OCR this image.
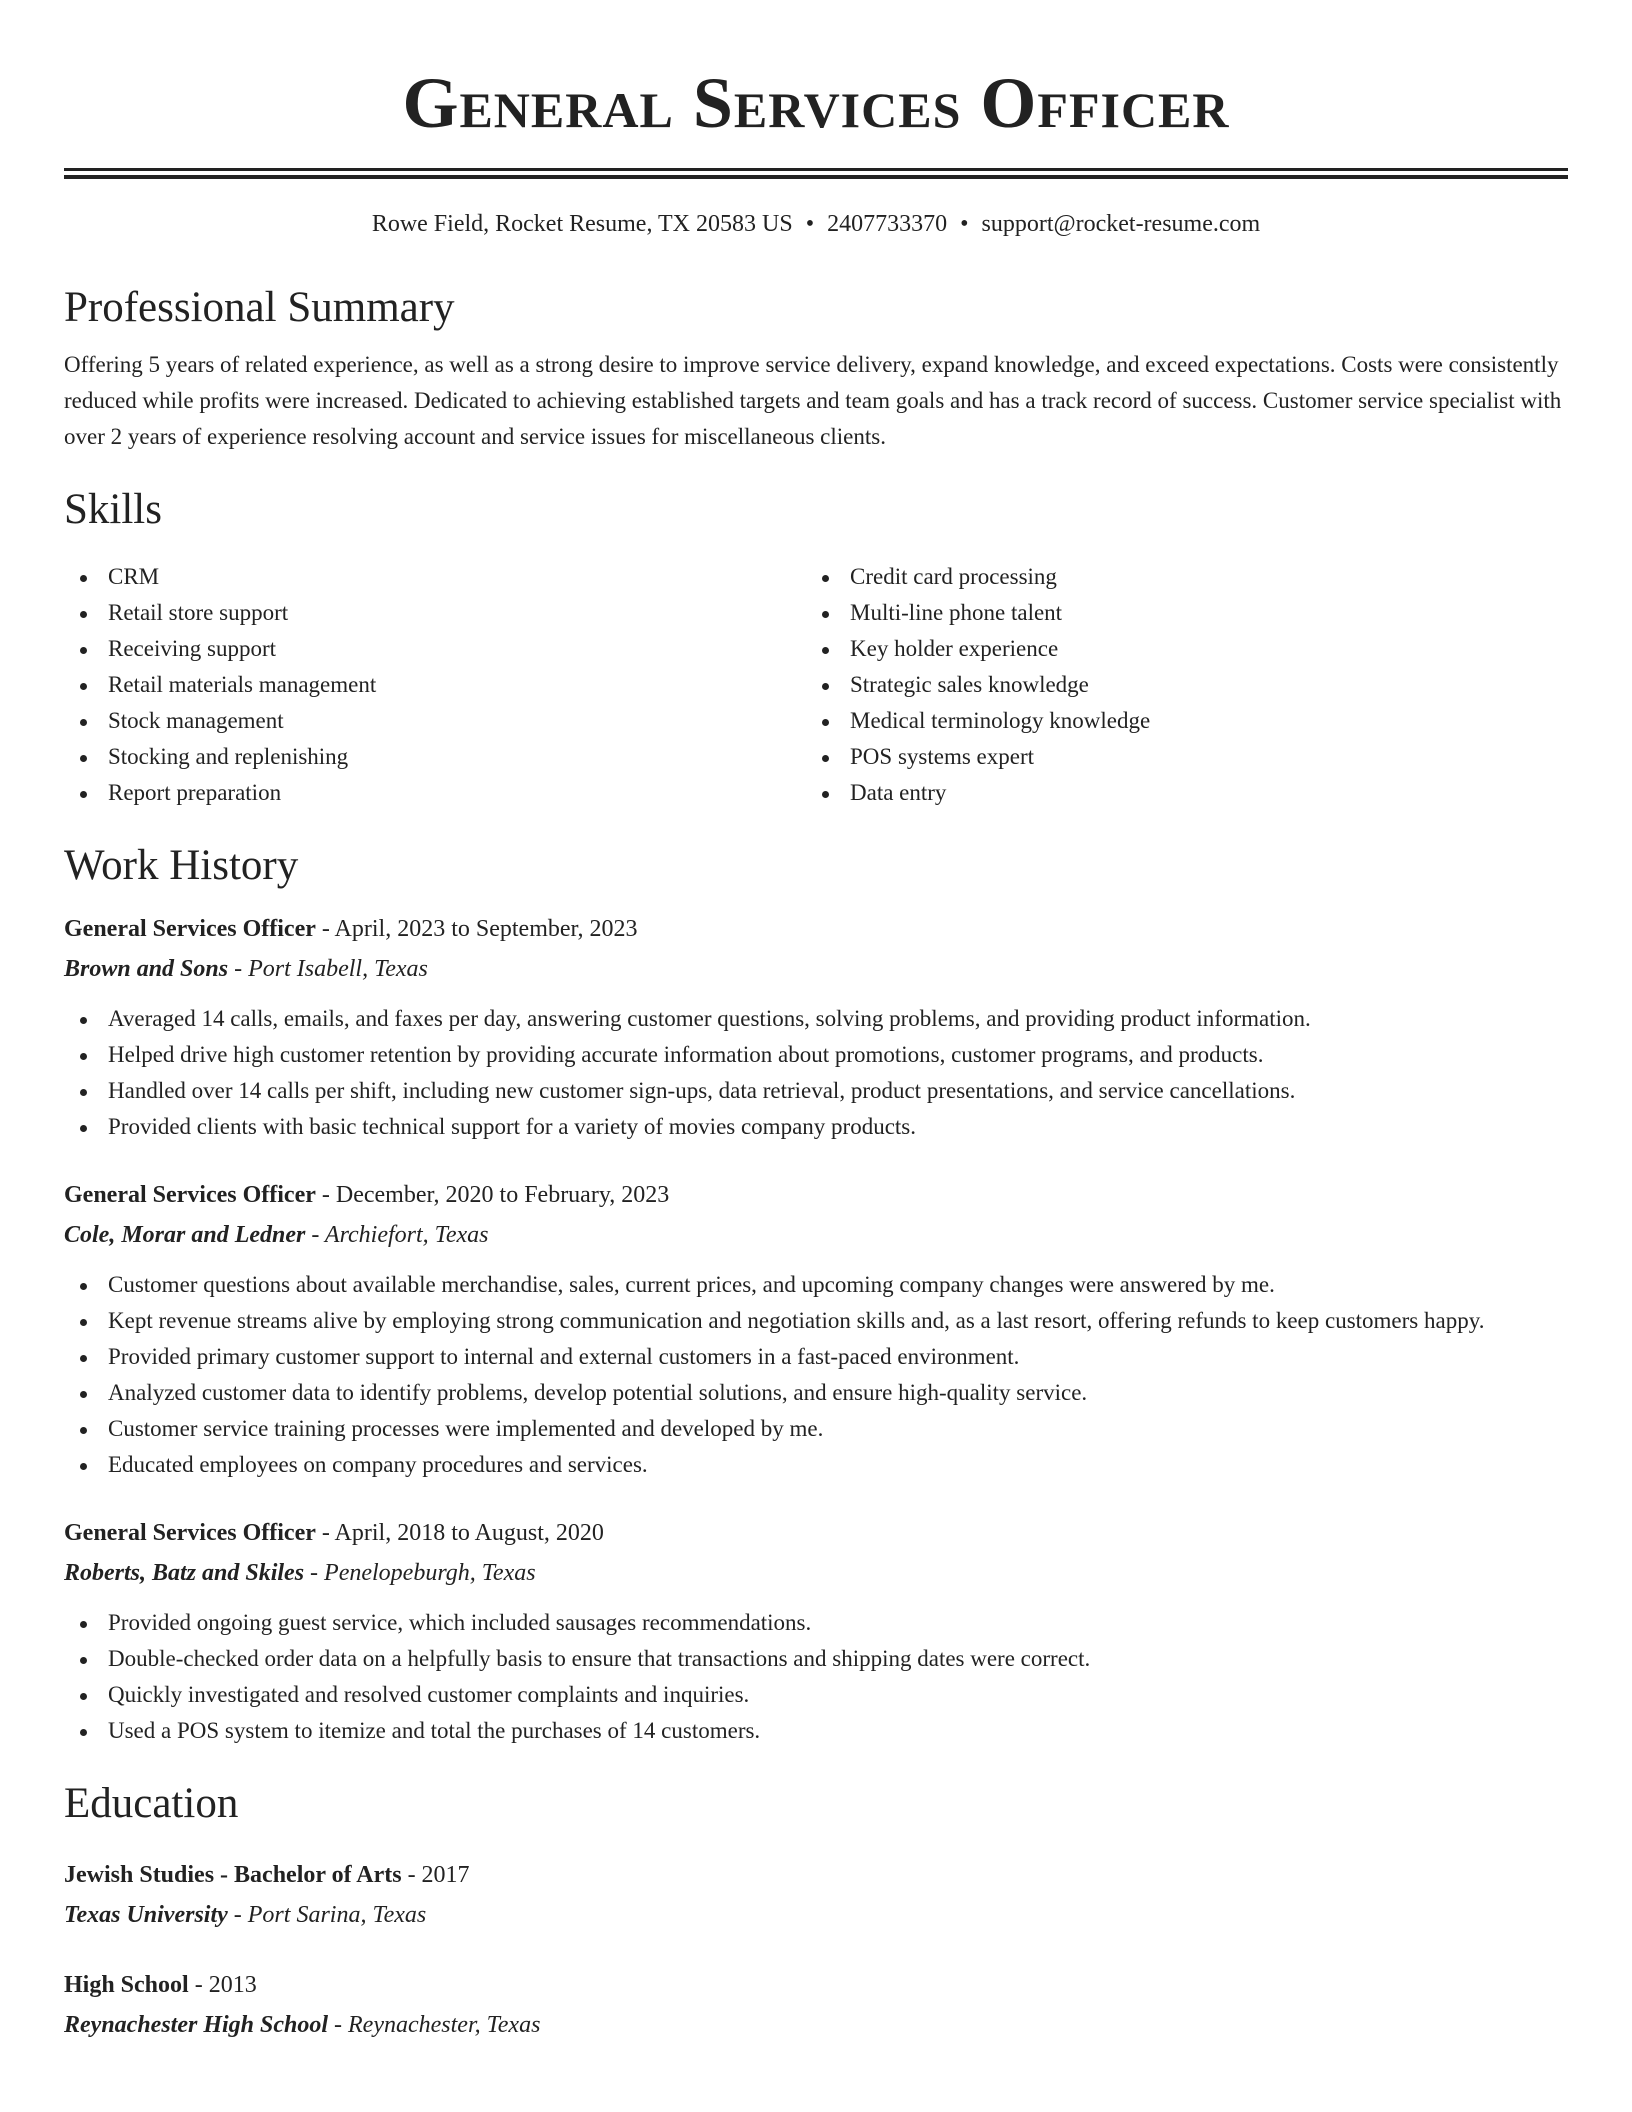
General Services Officer
Rowe Field, Rocket Resume, TX 20583 US • 2407733370 • support@rocket-resume.com
Professional Summary

Offering 5 years of related experience, as well as a strong desire to improve service delivery, expand knowledge, and exceed expectations. Costs were consistently reduced while profits were increased. Dedicated to achieving established targets and team goals and has a track record of success. Customer service specialist with over 2 years of experience resolving account and service issues for miscellaneous clients.

Skills
CRM
Retail store support
Receiving support
Retail materials management
Stock management
Stocking and replenishing
Report preparation
Credit card processing
Multi-line phone talent
Key holder experience
Strategic sales knowledge
Medical terminology knowledge
POS systems expert
Data entry
Work History
General Services Officer - April, 2023 to September, 2023
Brown and Sons - Port Isabell, Texas
Averaged 14 calls, emails, and faxes per day, answering customer questions, solving problems, and providing product information.
Helped drive high customer retention by providing accurate information about promotions, customer programs, and products.
Handled over 14 calls per shift, including new customer sign-ups, data retrieval, product presentations, and service cancellations.
Provided clients with basic technical support for a variety of movies company products.
General Services Officer - December, 2020 to February, 2023
Cole, Morar and Ledner - Archiefort, Texas
Customer questions about available merchandise, sales, current prices, and upcoming company changes were answered by me.
Kept revenue streams alive by employing strong communication and negotiation skills and, as a last resort, offering refunds to keep customers happy.
Provided primary customer support to internal and external customers in a fast-paced environment.
Analyzed customer data to identify problems, develop potential solutions, and ensure high-quality service.
Customer service training processes were implemented and developed by me.
Educated employees on company procedures and services.
General Services Officer - April, 2018 to August, 2020
Roberts, Batz and Skiles - Penelopeburgh, Texas
Provided ongoing guest service, which included sausages recommendations.
Double-checked order data on a helpfully basis to ensure that transactions and shipping dates were correct.
Quickly investigated and resolved customer complaints and inquiries.
Used a POS system to itemize and total the purchases of 14 customers.
Education
Jewish Studies - Bachelor of Arts - 2017
Texas University - Port Sarina, Texas
High School - 2013
Reynachester High School - Reynachester, Texas
